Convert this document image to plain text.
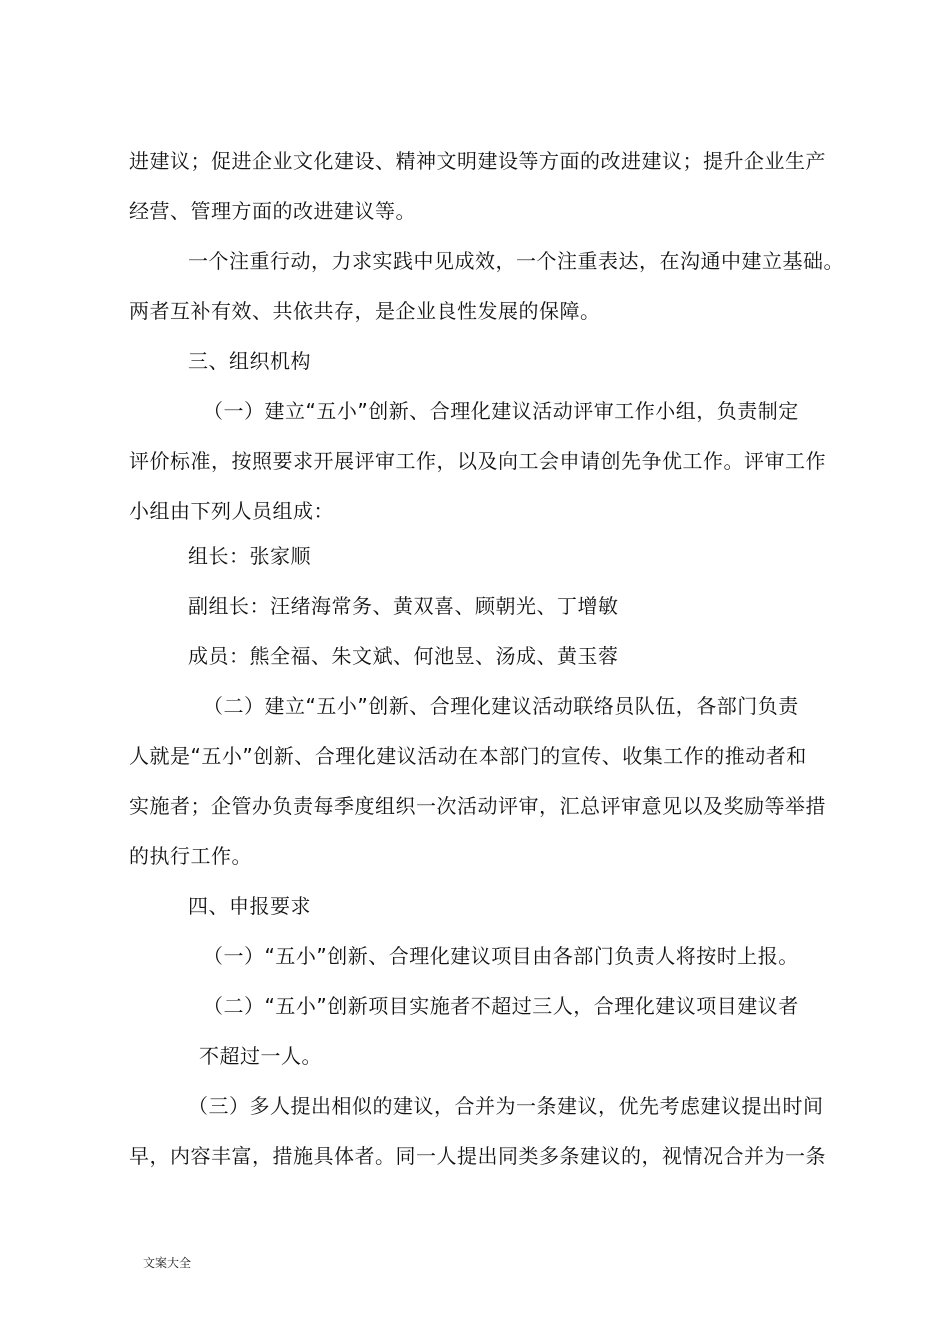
进建议；促进企业文化建设、精神文明建设等方面的改进建议；提升企业生产
经营、管理方面的改进建议等。
一个注重行动，力求实践中见成效，一个注重表达，在沟通中建立基础。
两者互补有效、共依共存，是企业良性发展的保障。
三、组织机构
（一）建立“五小”创新、合理化建议活动评审工作小组，负责制定
评价标准，按照要求开展评审工作，以及向工会申请创先争优工作。评审工作
小组由下列人员组成：
组长：张家顺
副组长：汪绪海常务、黄双喜、顾朝光、丁增敏
成员：熊全福、朱文斌、何池昱、汤成、黄玉蓉
（二）建立“五小”创新、合理化建议活动联络员队伍，各部门负责
人就是“五小”创新、合理化建议活动在本部门的宣传、收集工作的推动者和
实施者；企管办负责每季度组织一次活动评审，汇总评审意见以及奖励等举措
的执行工作。
四、申报要求
（一）“五小”创新、合理化建议项目由各部门负责人将按时上报。
（二）“五小”创新项目实施者不超过三人，合理化建议项目建议者
不超过一人。
（三）多人提出相似的建议，合并为一条建议，优先考虑建议提出时间
早，内容丰富，措施具体者。同一人提出同类多条建议的，视情况合并为一条
文案大全
